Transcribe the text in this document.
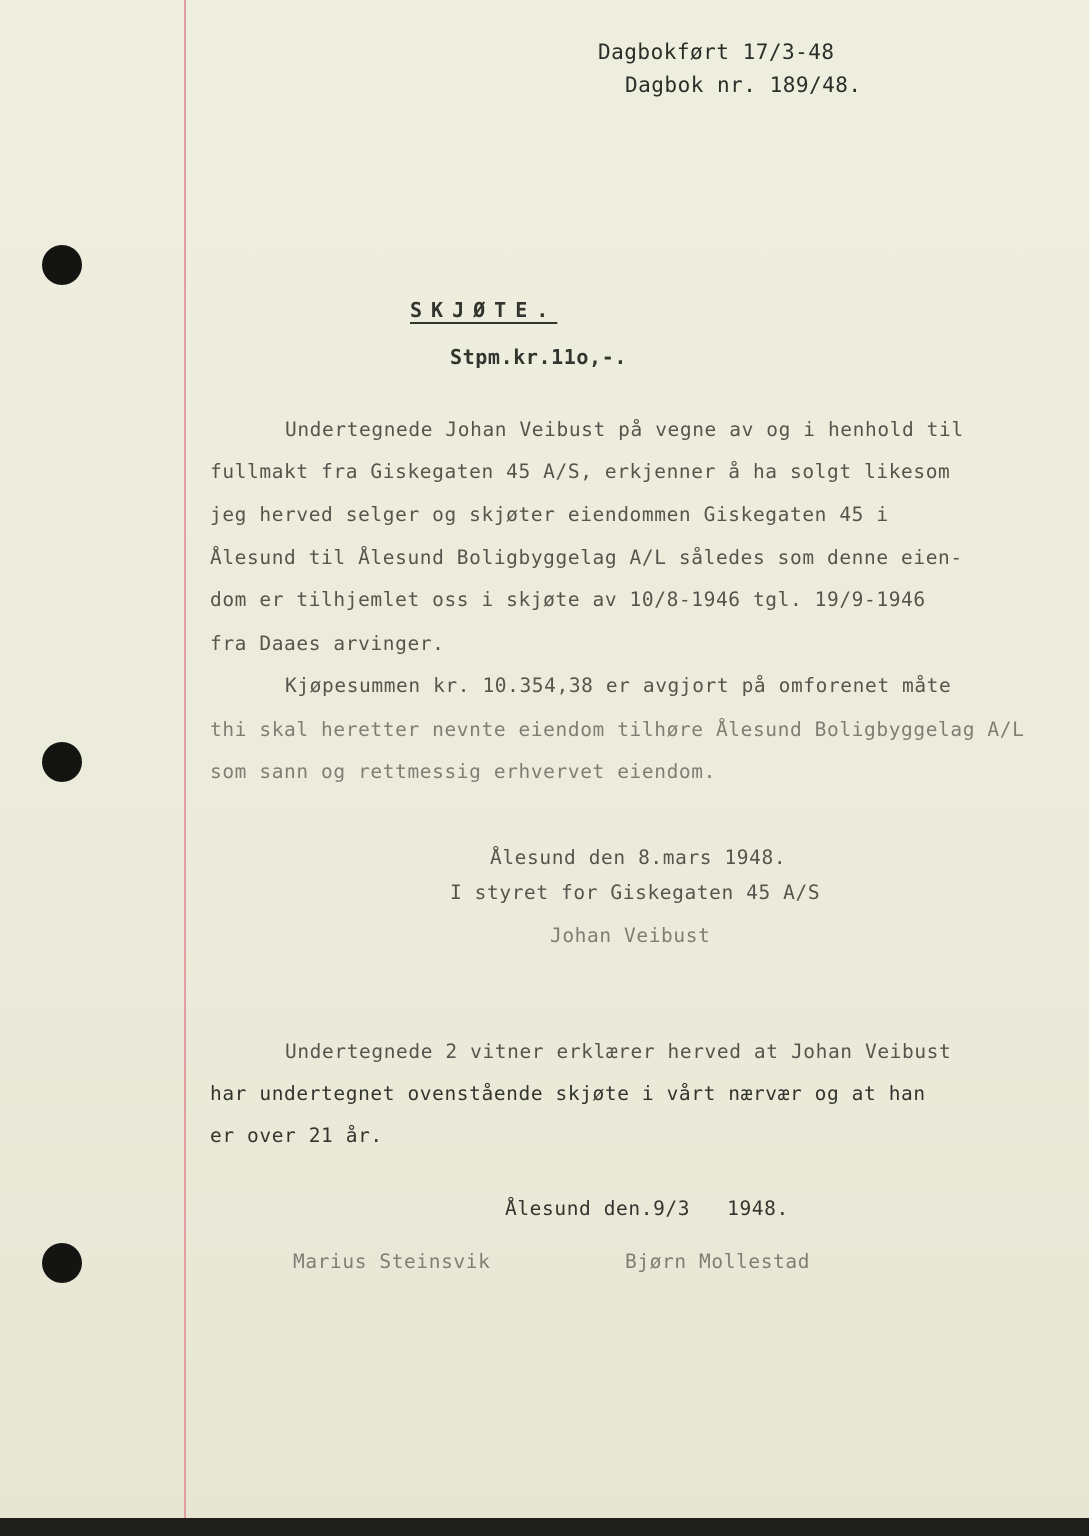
Dagbokført 17/3-48
Dagbok nr. 189/48.
SKJØTE.
Stpm.kr.11o,-.
Undertegnede Johan Veibust på vegne av og i henhold til
fullmakt fra Giskegaten 45 A/S, erkjenner å ha solgt likesom
jeg herved selger og skjøter eiendommen Giskegaten 45 i
Ålesund til Ålesund Boligbyggelag A/L således som denne eien-
dom er tilhjemlet oss i skjøte av 10/8-1946 tgl. 19/9-1946
fra Daaes arvinger.
Kjøpesummen kr. 10.354,38 er avgjort på omforenet måte
thi skal heretter nevnte eiendom tilhøre Ålesund Boligbyggelag A/L
som sann og rettmessig erhvervet eiendom.
Ålesund den 8.mars 1948.
I styret for Giskegaten 45 A/S
Johan Veibust
Undertegnede 2 vitner erklærer herved at Johan Veibust
har undertegnet ovenstående skjøte i vårt nærvær og at han
er over 21 år.
Ålesund den.9/3   1948.
Marius Steinsvik	Bjørn Mollestad
